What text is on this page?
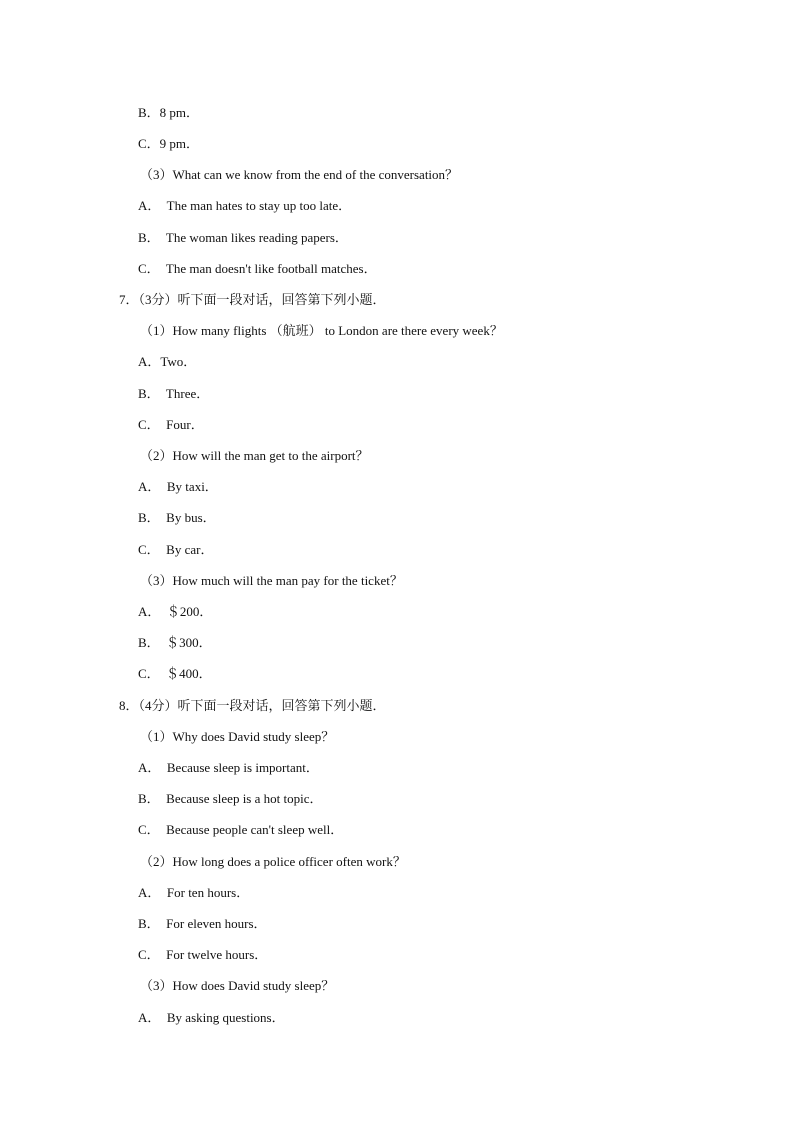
B．8 pm．
C．9 pm．
（3）What can we know from the end of the conversation？
A．  The man hates to stay up too late．
B．  The woman likes reading papers．
C．  The man doesn't like football matches．
7．（3分）听下面一段对话，回答第下列小题．
（1）How many flights （航班） to London are there every week？
A．Two．
B．  Three．
C．  Four．
（2）How will the man get to the airport？
A．  By taxi．
B．  By bus．
C．  By car．
（3）How much will the man pay for the ticket？
A．  ＄200．
B．  ＄300．
C．  ＄400．
8．（4分）听下面一段对话，回答第下列小题．
（1）Why does David study sleep？
A．  Because sleep is important．
B．  Because sleep is a hot topic．
C．  Because people can't sleep well．
（2）How long does a police officer often work？
A．  For ten hours．
B．  For eleven hours．
C．  For twelve hours．
（3）How does David study sleep？
A．  By asking questions．
